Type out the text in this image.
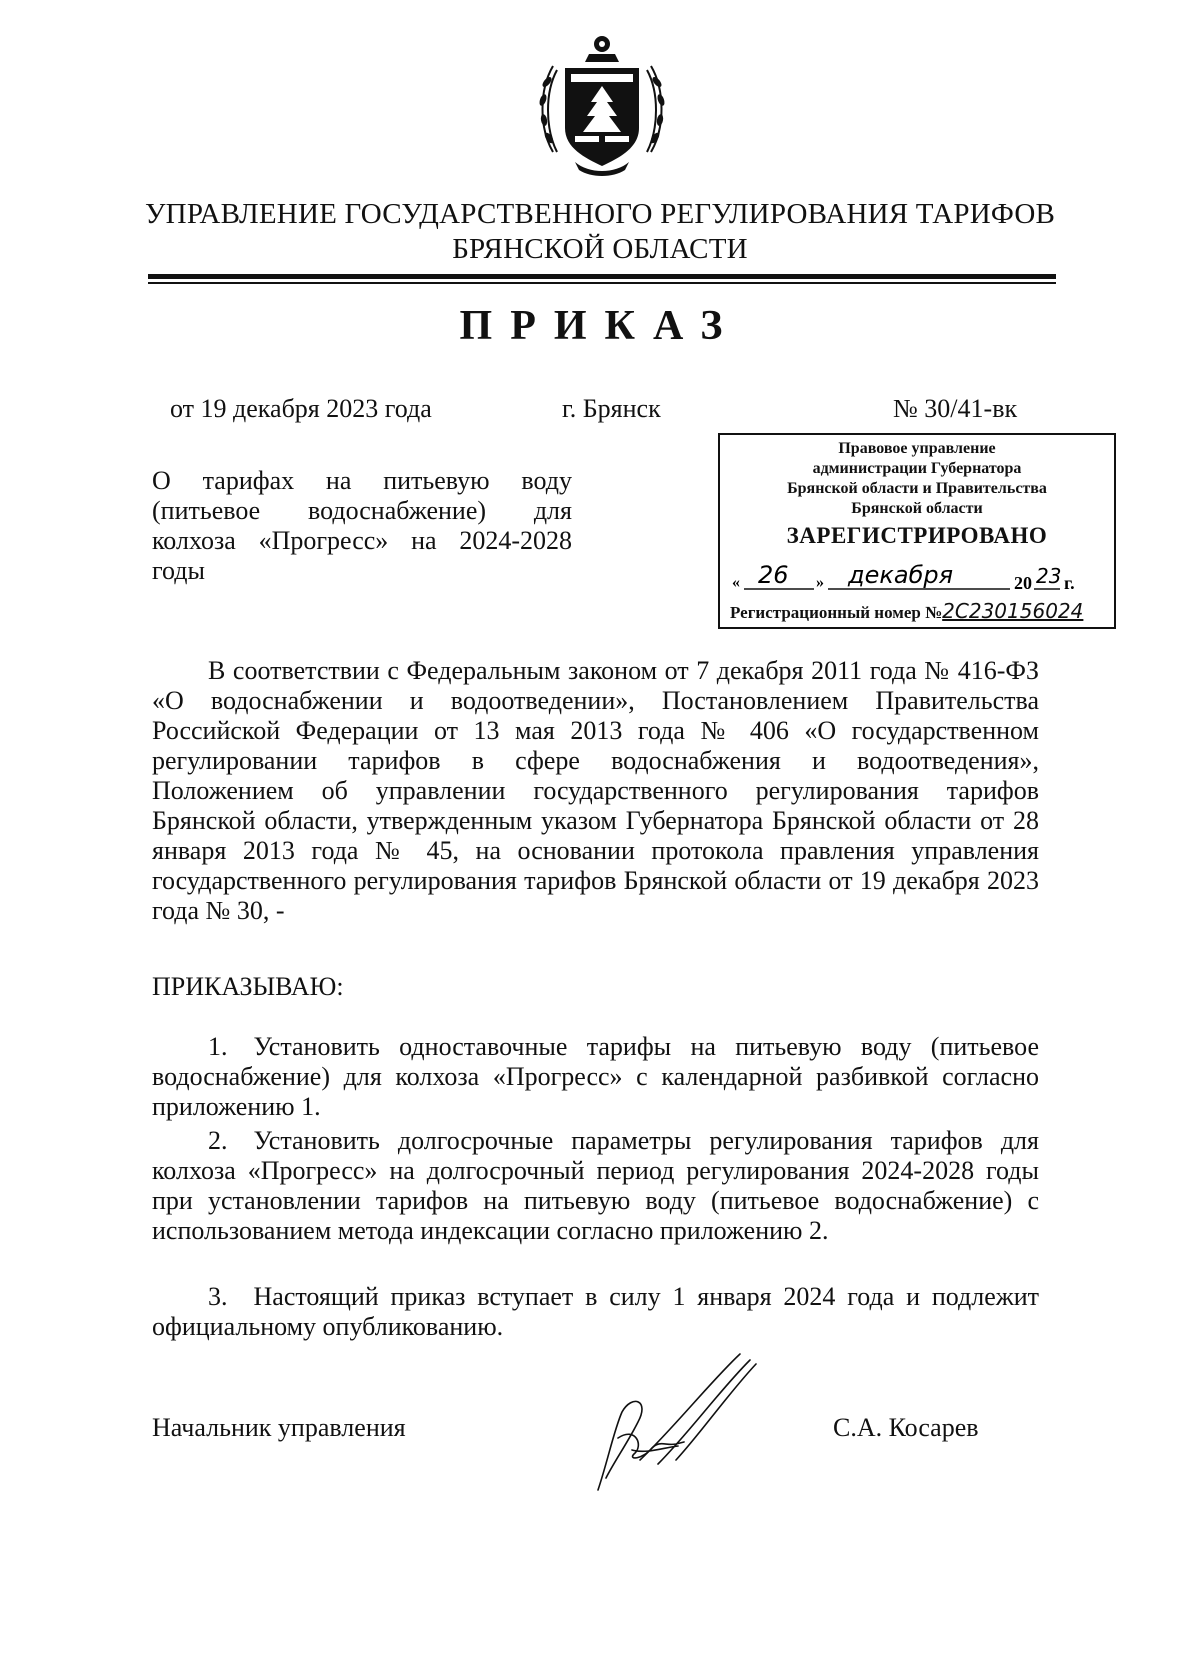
УПРАВЛЕНИЕ ГОСУДАРСТВЕННОГО РЕГУЛИРОВАНИЯ ТАРИФОВ
БРЯНСКОЙ ОБЛАСТИ
ПРИКАЗ
от 19 декабря 2023 года	г. Брянск	№ 30/41-вк
Правовое управление
администрации Губернатора
Брянской области и Правительства
Брянской области
ЗАРЕГИСТРИРОВАНО
« 26 » декабря	20 23 г.
Регистрационный номер №2С230156024
О тарифах на питьевую воду (питьевое водоснабжение) для колхоза «Прогресс» на 2024-2028 годы
В соответствии с Федеральным законом от 7 декабря 2011 года № 416-ФЗ «О водоснабжении и водоотведении», Постановлением Правительства Российской Федерации от 13 мая 2013 года № 406 «О государственном регулировании тарифов в сфере водоснабжения и водоотведения», Положением об управлении государственного регулирования тарифов Брянской области, утвержденным указом Губернатора Брянской области от 28 января 2013 года № 45, на основании протокола правления управления государственного регулирования тарифов Брянской области от 19 декабря 2023 года № 30, -
ПРИКАЗЫВАЮ:
1. Установить одноставочные тарифы на питьевую воду (питьевое водоснабжение) для колхоза «Прогресс» с календарной разбивкой согласно приложению 1.
2. Установить долгосрочные параметры регулирования тарифов для колхоза «Прогресс» на долгосрочный период регулирования 2024-2028 годы при установлении тарифов на питьевую воду (питьевое водоснабжение) с использованием метода индексации согласно приложению 2.
3. Настоящий приказ вступает в силу 1 января 2024 года и подлежит официальному опубликованию.
Начальник управления	С.А. Косарев
